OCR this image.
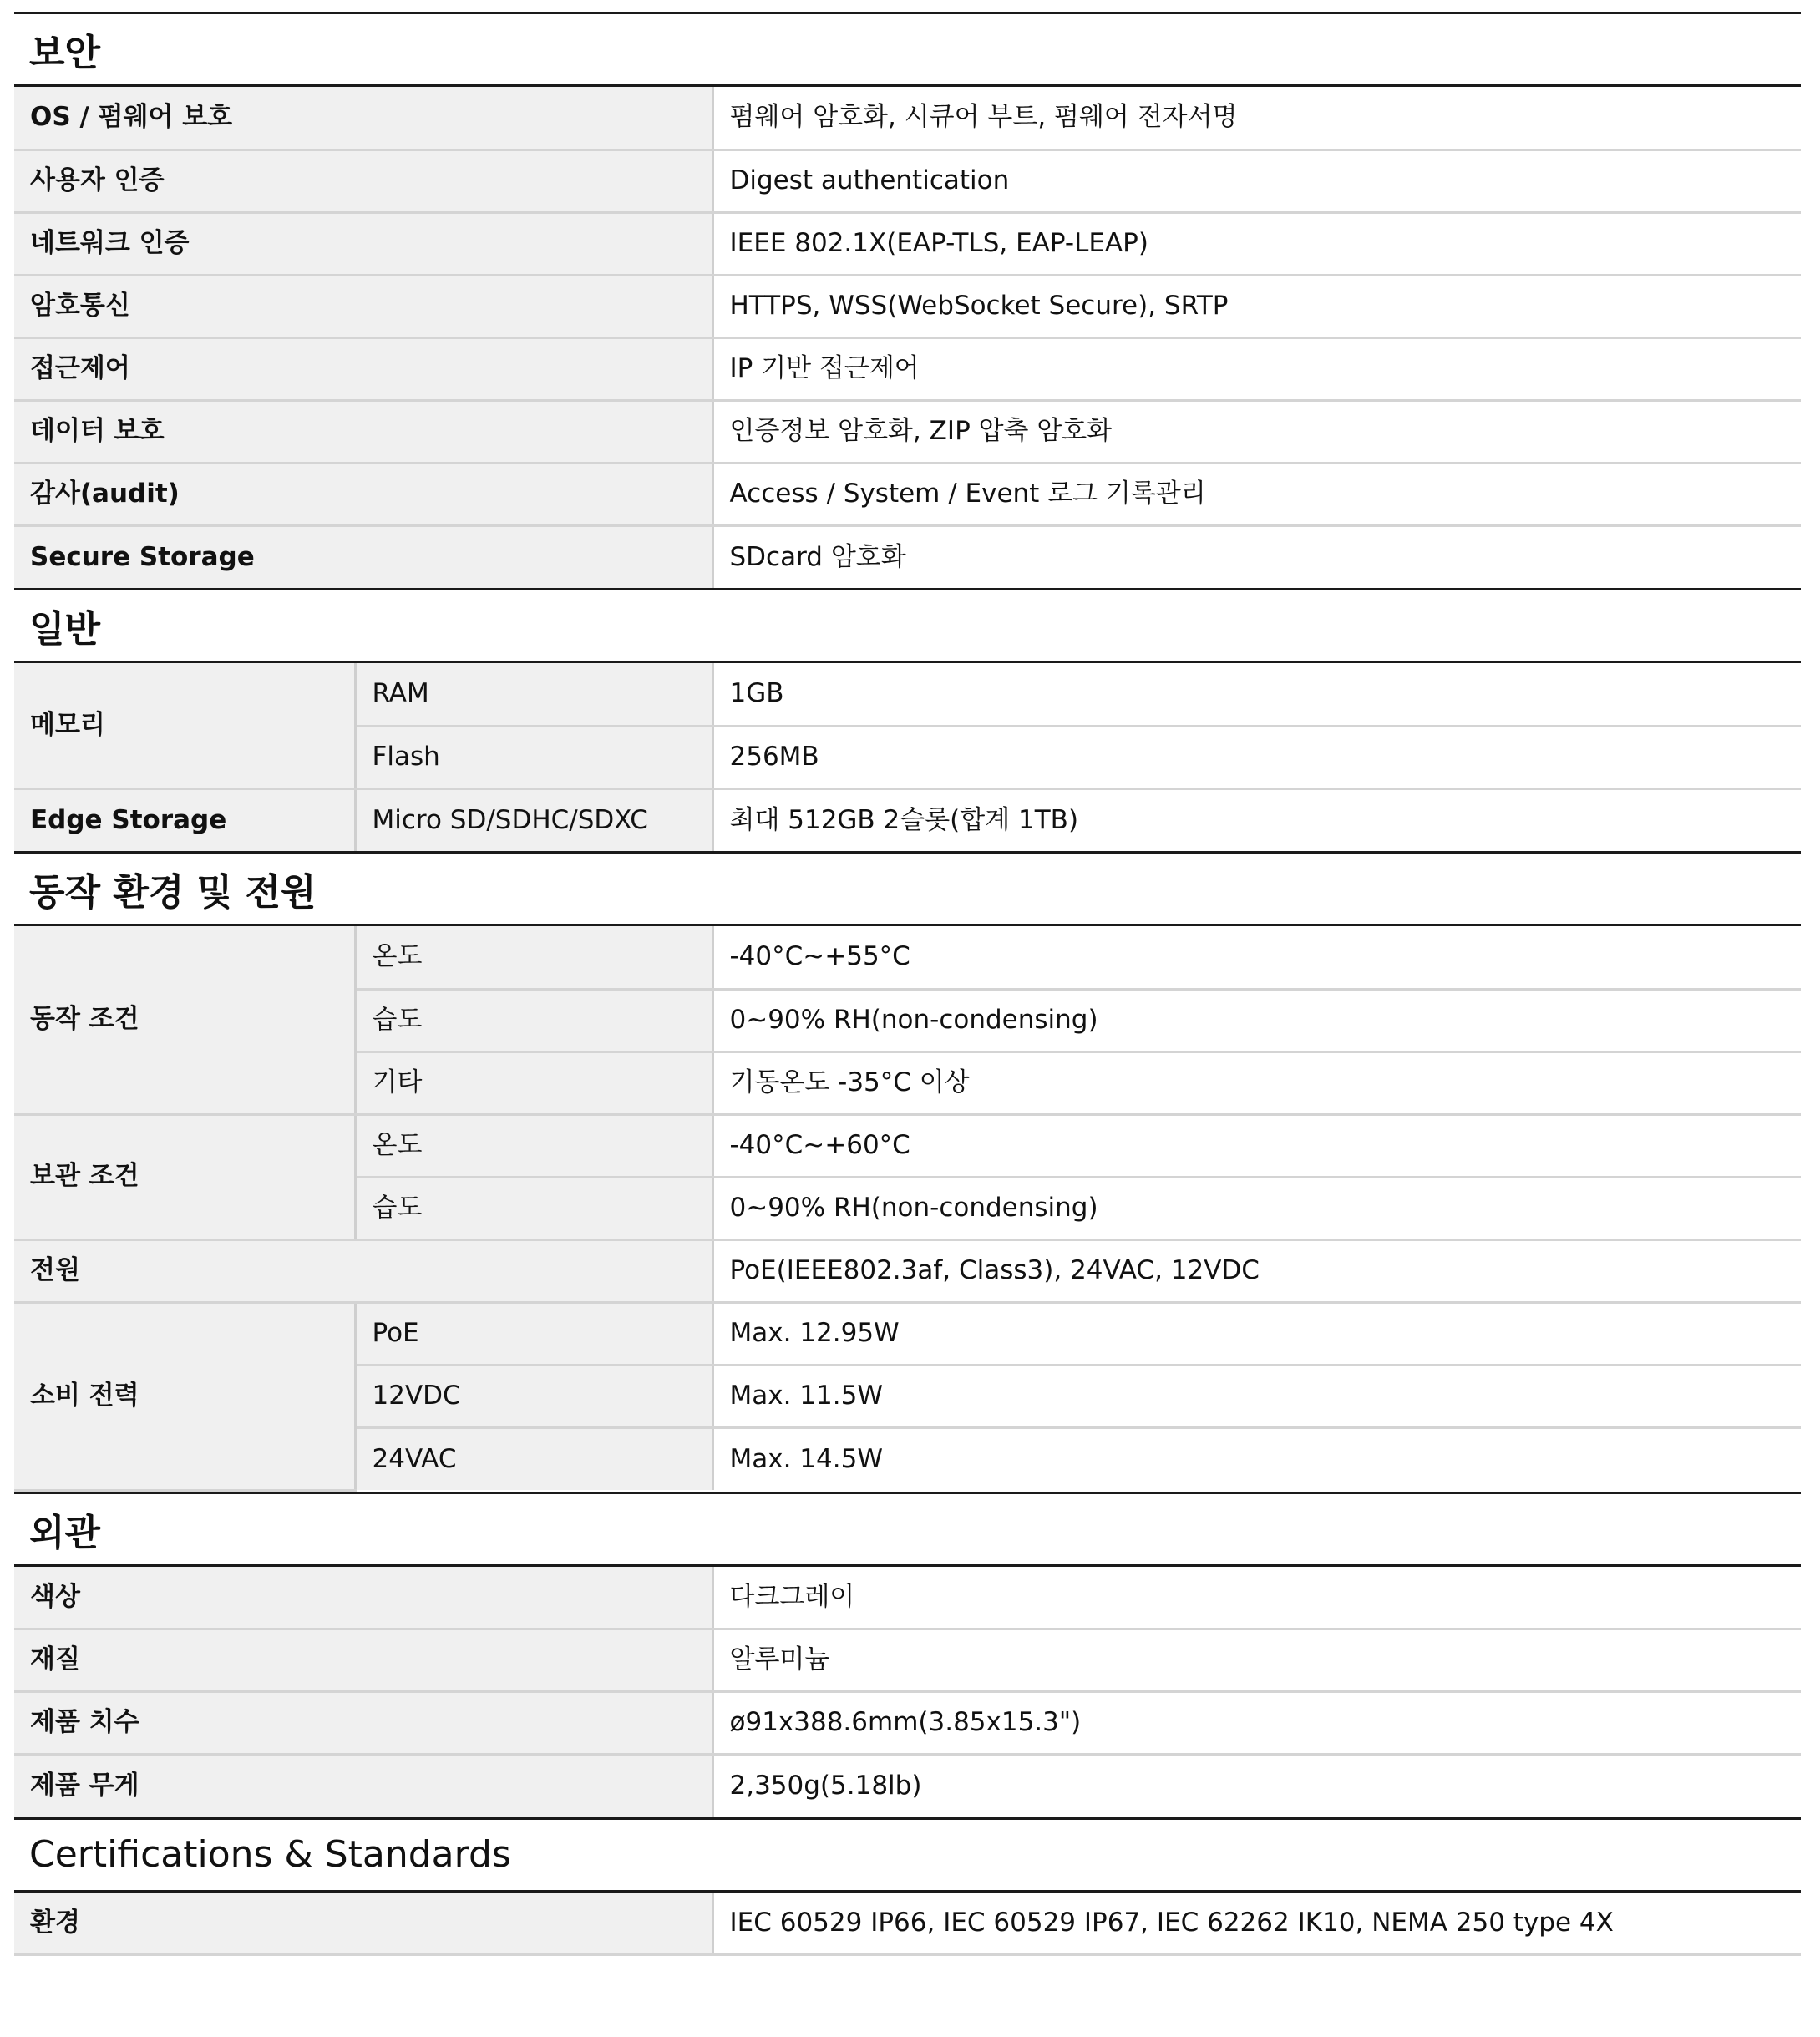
보안
OS / 펌웨어 보호	펌웨어 암호화, 시큐어 부트, 펌웨어 전자서명
사용자 인증	Digest authentication
네트워크 인증	IEEE 802.1X(EAP-TLS, EAP-LEAP)
암호통신	HTTPS, WSS(WebSocket Secure), SRTP
접근제어	IP 기반 접근제어
데이터 보호	인증정보 암호화, ZIP 압축 암호화
감사(audit)	Access / System / Event 로그 기록관리
Secure Storage	SDcard 암호화
일반
메모리	RAM	1GB
	Flash	256MB
Edge Storage	Micro SD/SDHC/SDXC	최대 512GB 2슬롯(합계 1TB)
동작 환경 및 전원
동작 조건	온도	-40°C~+55°C
	습도	0~90% RH(non-condensing)
	기타	기동온도 -35°C 이상
보관 조건	온도	-40°C~+60°C
	습도	0~90% RH(non-condensing)
전원		PoE(IEEE802.3af, Class3), 24VAC, 12VDC
소비 전력	PoE	Max. 12.95W
	12VDC	Max. 11.5W
	24VAC	Max. 14.5W
외관
색상	다크그레이
재질	알루미늄
제품 치수	ø91x388.6mm(3.85x15.3")
제품 무게	2,350g(5.18lb)
Certifications & Standards
환경	IEC 60529 IP66, IEC 60529 IP67, IEC 62262 IK10, NEMA 250 type 4X
